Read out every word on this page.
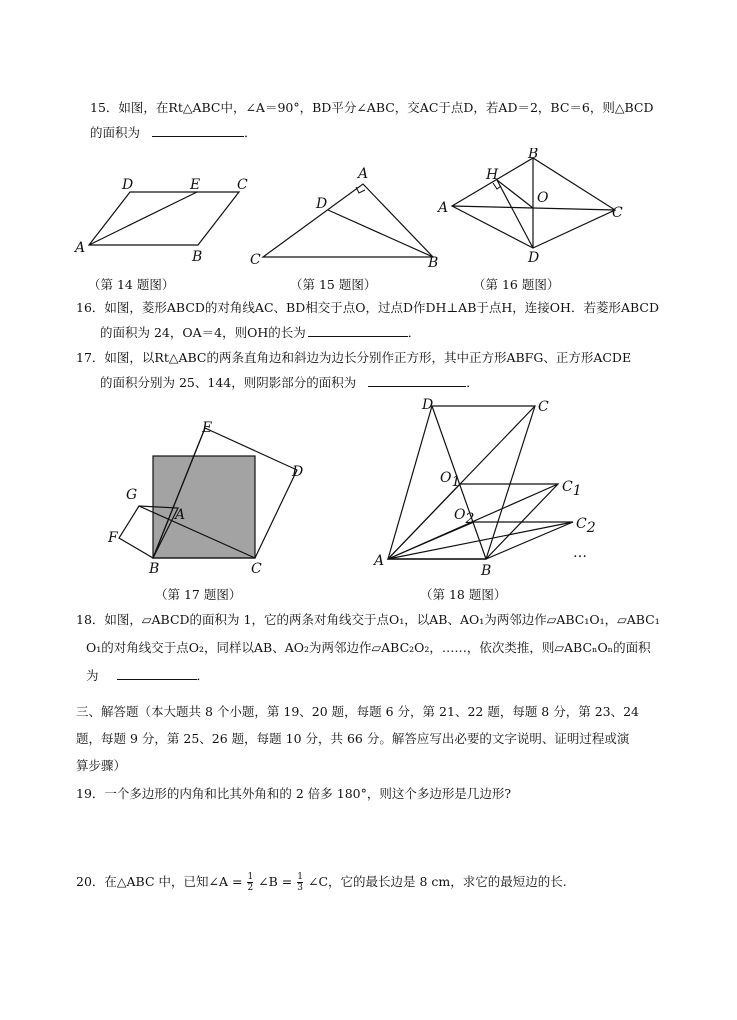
15．如图，在Rt△ABC中，∠A＝90°，BD平分∠ABC，交AC于点D，若AD＝2，BC＝6，则△BCD
的面积为	．
D	E	C
A
B
A
D
C	B
B
H
A
O
C
D
（第 14 题图）	（第 15 题图）	（第 16 题图）
16．如图，菱形ABCD的对角线AC、BD相交于点O，过点D作DH⊥AB于点H，连接OH．若菱形ABCD
的面积为 24，OA＝4，则OH的长为	．
17．如图，以Rt△ABC的两条直角边和斜边为边长分别作正方形，其中正方形ABFG、正方形ACDE
的面积分别为 25、144，则阴影部分的面积为	．
E
D
G
A
F
B	C
D	C
O1	C1
O2	C2
…
A
B
（第 17 题图）	（第 18 题图）
18．如图，▱ABCD的面积为 1，它的两条对角线交于点O₁，以AB、AO₁为两邻边作▱ABC₁O₁，▱ABC₁
O₁的对角线交于点O₂，同样以AB、AO₂为两邻边作▱ABC₂O₂，……，依次类推，则▱ABCₙOₙ的面积
为	．
三、解答题（本大题共 8 个小题，第 19、20 题，每题 6 分，第 21、22 题，每题 8 分，第 23、24
题，每题 9 分，第 25、26 题，每题 10 分，共 66 分。解答应写出必要的文字说明、证明过程或演
算步骤）
19．一个多边形的内角和比其外角和的 2 倍多 180°，则这个多边形是几边形?
20．在△ABC 中，已知∠A = $\frac{1}{2}$ ∠B = $\frac{1}{3}$ ∠C，它的最长边是 8 cm，求它的最短边的长.
